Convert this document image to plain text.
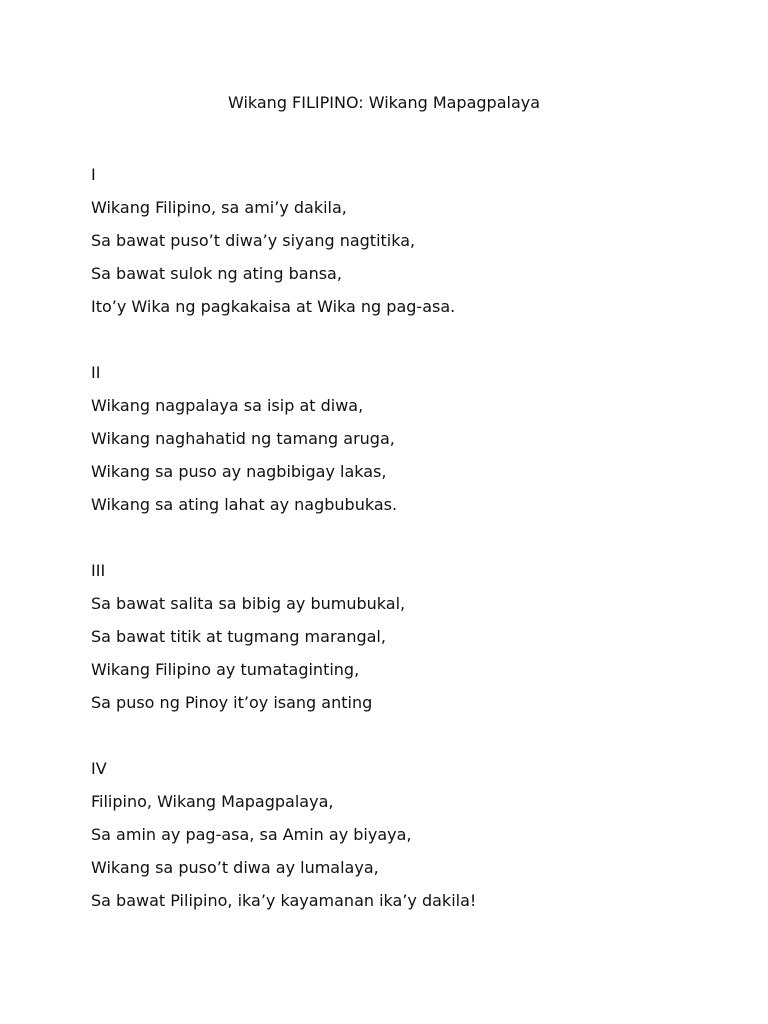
Wikang FILIPINO: Wikang Mapagpalaya
I
Wikang Filipino, sa ami’y dakila,
Sa bawat puso’t diwa’y siyang nagtitika,
Sa bawat sulok ng ating bansa,
Ito’y Wika ng pagkakaisa at Wika ng pag-asa.
II
Wikang nagpalaya sa isip at diwa,
Wikang naghahatid ng tamang aruga,
Wikang sa puso ay nagbibigay lakas,
Wikang sa ating lahat ay nagbubukas.
III
Sa bawat salita sa bibig ay bumubukal,
Sa bawat titik at tugmang marangal,
Wikang Filipino ay tumataginting,
Sa puso ng Pinoy it’oy isang anting
IV
Filipino, Wikang Mapagpalaya,
Sa amin ay pag-asa, sa Amin ay biyaya,
Wikang sa puso’t diwa ay lumalaya,
Sa bawat Pilipino, ika’y kayamanan ika’y dakila!
